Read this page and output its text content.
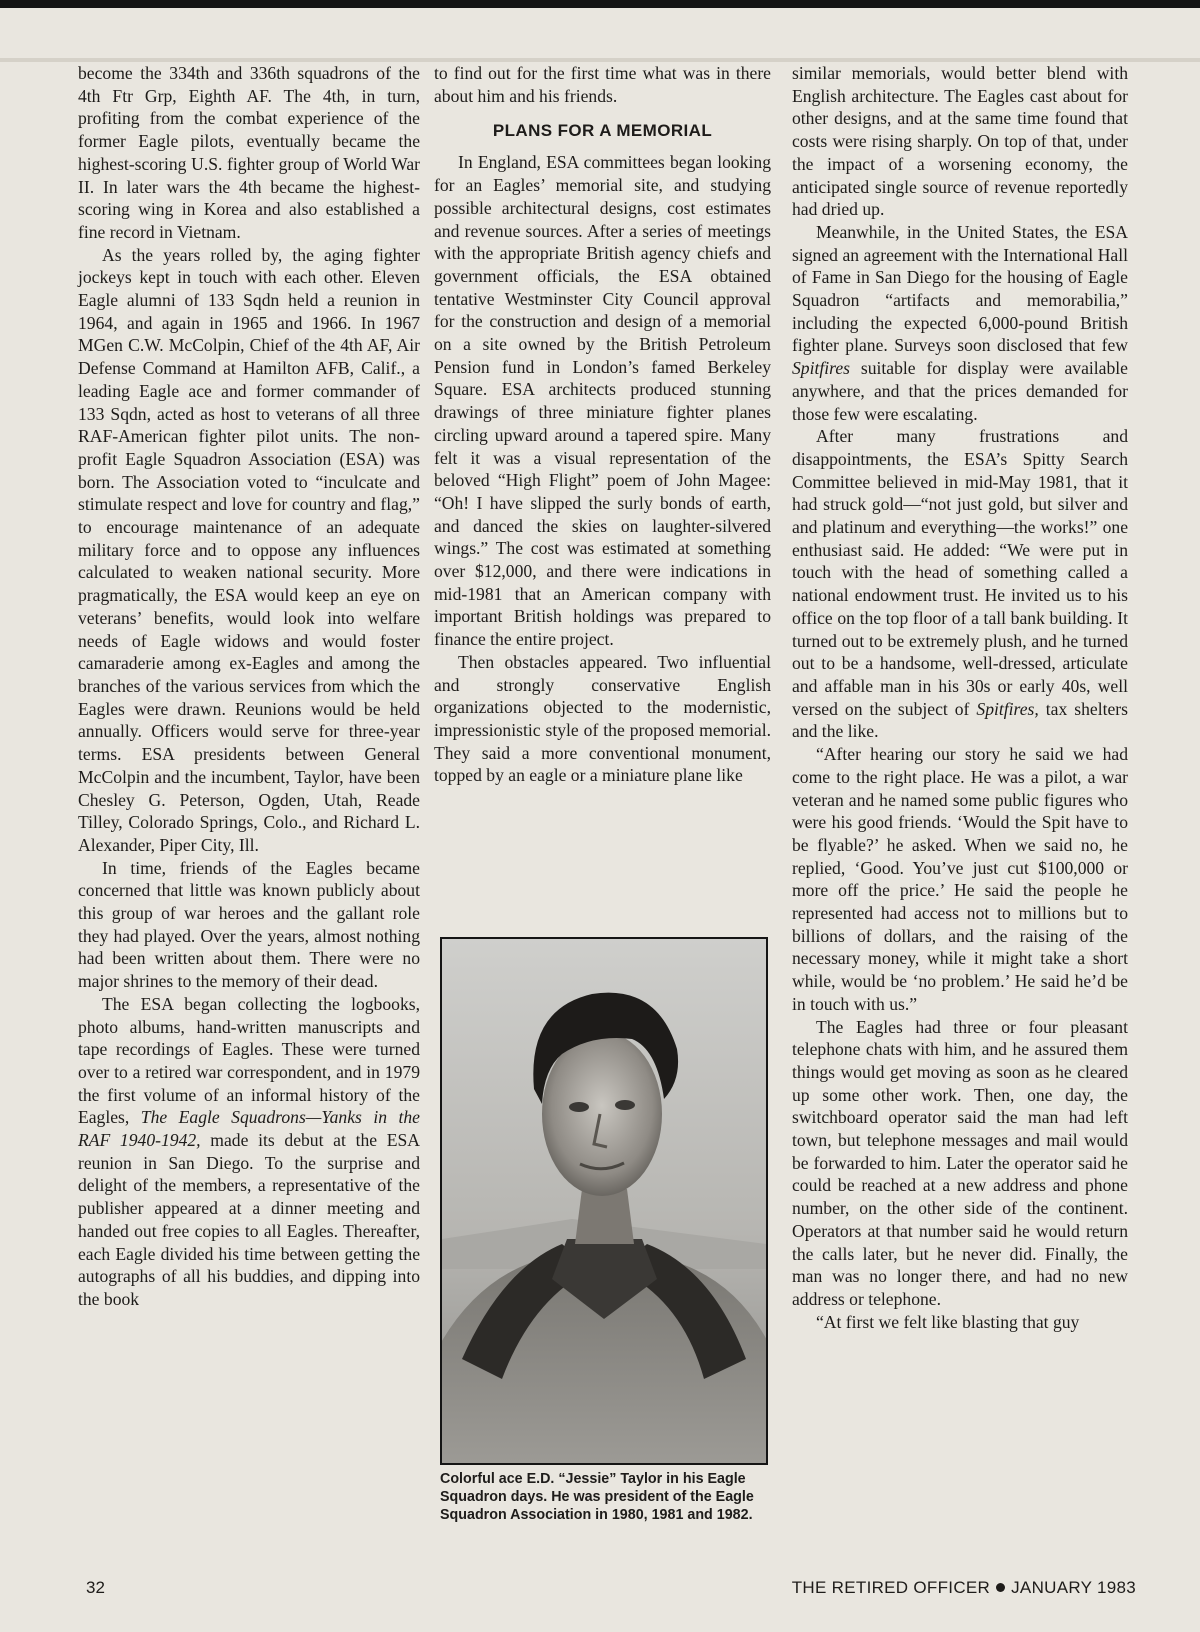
become the 334th and 336th squadrons of the 4th Ftr Grp, Eighth AF. The 4th, in turn, profiting from the combat experience of the former Eagle pilots, eventually became the highest-scoring U.S. fighter group of World War II. In later wars the 4th became the highest-scoring wing in Korea and also established a fine record in Vietnam.

As the years rolled by, the aging fighter jockeys kept in touch with each other. Eleven Eagle alumni of 133 Sqdn held a reunion in 1964, and again in 1965 and 1966. In 1967 MGen C.W. McColpin, Chief of the 4th AF, Air Defense Command at Hamilton AFB, Calif., a leading Eagle ace and former commander of 133 Sqdn, acted as host to veterans of all three RAF-American fighter pilot units. The non-profit Eagle Squadron Association (ESA) was born. The Association voted to “inculcate and stimulate respect and love for country and flag,” to encourage maintenance of an adequate military force and to oppose any influences calculated to weaken national security. More pragmatically, the ESA would keep an eye on veterans’ benefits, would look into welfare needs of Eagle widows and would foster camaraderie among ex-Eagles and among the branches of the various services from which the Eagles were drawn. Reunions would be held annually. Officers would serve for three-year terms. ESA presidents between General McColpin and the incumbent, Taylor, have been Chesley G. Peterson, Ogden, Utah, Reade Tilley, Colorado Springs, Colo., and Richard L. Alexander, Piper City, Ill.

In time, friends of the Eagles became concerned that little was known publicly about this group of war heroes and the gallant role they had played. Over the years, almost nothing had been written about them. There were no major shrines to the memory of their dead.

The ESA began collecting the logbooks, photo albums, hand-written manuscripts and tape recordings of Eagles. These were turned over to a retired war correspondent, and in 1979 the first volume of an informal history of the Eagles, The Eagle Squadrons—Yanks in the RAF 1940-1942, made its debut at the ESA reunion in San Diego. To the surprise and delight of the members, a representative of the publisher appeared at a dinner meeting and handed out free copies to all Eagles. Thereafter, each Eagle divided his time between getting the autographs of all his buddies, and dipping into the book

to find out for the first time what was in there about him and his friends.

PLANS FOR A MEMORIAL

In England, ESA committees began looking for an Eagles’ memorial site, and studying possible architectural designs, cost estimates and revenue sources. After a series of meetings with the appropriate British agency chiefs and government officials, the ESA obtained tentative Westminster City Council approval for the construction and design of a memorial on a site owned by the British Petroleum Pension fund in London’s famed Berkeley Square. ESA architects produced stunning drawings of three miniature fighter planes circling upward around a tapered spire. Many felt it was a visual representation of the beloved “High Flight” poem of John Magee: “Oh! I have slipped the surly bonds of earth, and danced the skies on laughter-silvered wings.” The cost was estimated at something over $12,000, and there were indications in mid-1981 that an American company with important British holdings was prepared to finance the entire project.

Then obstacles appeared. Two influential and strongly conservative English organizations objected to the modernistic, impressionistic style of the proposed memorial. They said a more conventional monument, topped by an eagle or a miniature plane like

Colorful ace E.D. “Jessie” Taylor in his Eagle Squadron days. He was president of the Eagle Squadron Association in 1980, 1981 and 1982.

similar memorials, would better blend with English architecture. The Eagles cast about for other designs, and at the same time found that costs were rising sharply. On top of that, under the impact of a worsening economy, the anticipated single source of revenue reportedly had dried up.

Meanwhile, in the United States, the ESA signed an agreement with the International Hall of Fame in San Diego for the housing of Eagle Squadron “artifacts and memorabilia,” including the expected 6,000-pound British fighter plane. Surveys soon disclosed that few Spitfires suitable for display were available anywhere, and that the prices demanded for those few were escalating.

After many frustrations and disappointments, the ESA’s Spitty Search Committee believed in mid-May 1981, that it had struck gold—“not just gold, but silver and and platinum and everything—the works!” one enthusiast said. He added: “We were put in touch with the head of something called a national endowment trust. He invited us to his office on the top floor of a tall bank building. It turned out to be extremely plush, and he turned out to be a handsome, well-dressed, articulate and affable man in his 30s or early 40s, well versed on the subject of Spitfires, tax shelters and the like.

“After hearing our story he said we had come to the right place. He was a pilot, a war veteran and he named some public figures who were his good friends. ‘Would the Spit have to be flyable?’ he asked. When we said no, he replied, ‘Good. You’ve just cut $100,000 or more off the price.’ He said the people he represented had access not to millions but to billions of dollars, and the raising of the necessary money, while it might take a short while, would be ‘no problem.’ He said he’d be in touch with us.”

The Eagles had three or four pleasant telephone chats with him, and he assured them things would get moving as soon as he cleared up some other work. Then, one day, the switchboard operator said the man had left town, but telephone messages and mail would be forwarded to him. Later the operator said he could be reached at a new address and phone number, on the other side of the continent. Operators at that number said he would return the calls later, but he never did. Finally, the man was no longer there, and had no new address or telephone.

“At first we felt like blasting that guy

32	THE RETIRED OFFICER JANUARY 1983
